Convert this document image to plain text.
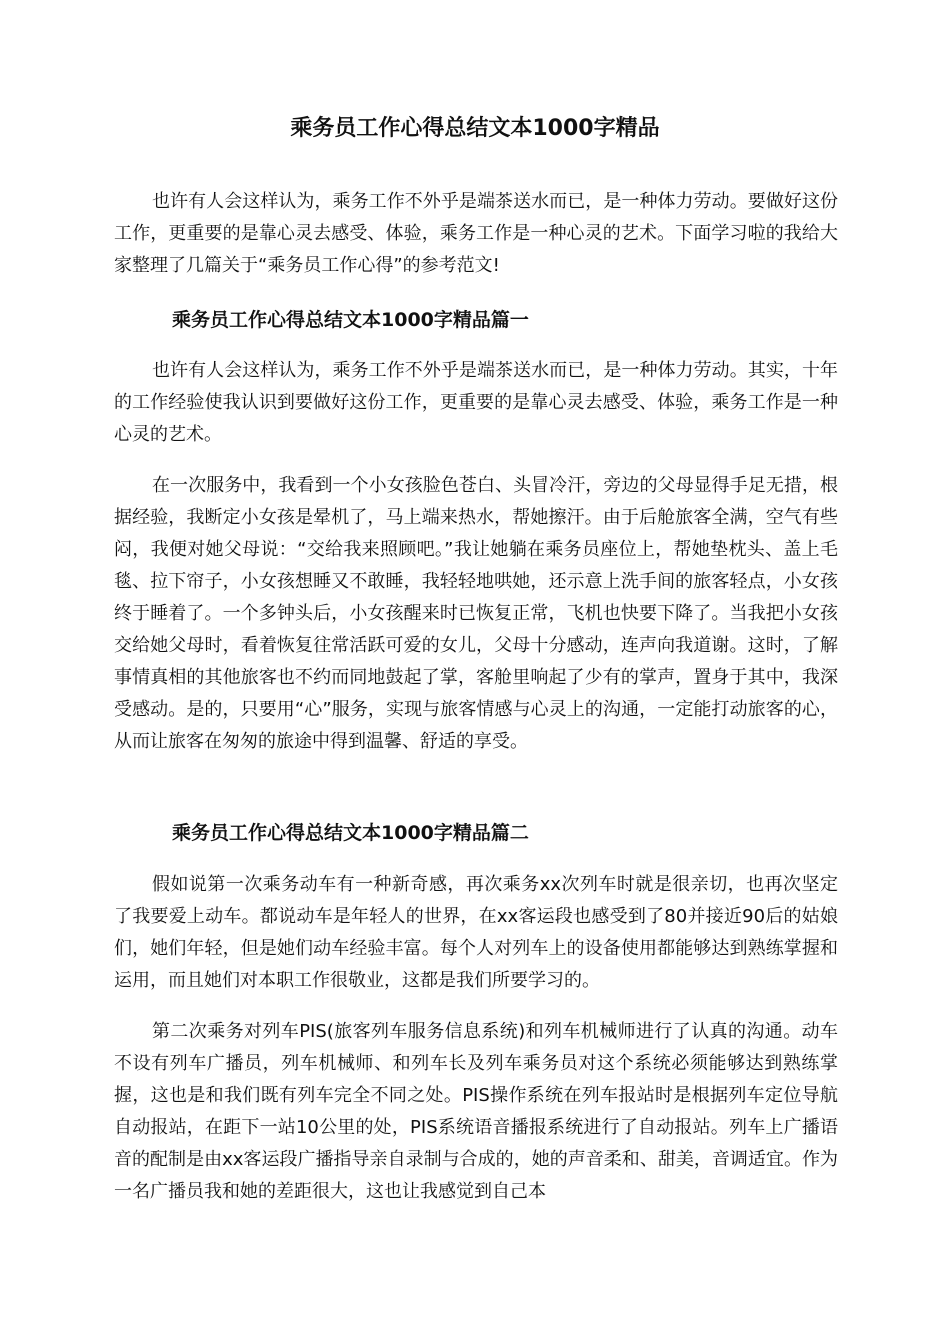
乘务员工作心得总结文本1000字精品

也许有人会这样认为，乘务工作不外乎是端茶送水而已，是一种体力劳动。要做好这份工作，更重要的是靠心灵去感受、体验，乘务工作是一种心灵的艺术。下面学习啦的我给大家整理了几篇关于“乘务员工作心得”的参考范文!

乘务员工作心得总结文本1000字精品篇一

也许有人会这样认为，乘务工作不外乎是端茶送水而已，是一种体力劳动。其实，十年的工作经验使我认识到要做好这份工作，更重要的是靠心灵去感受、体验，乘务工作是一种心灵的艺术。

在一次服务中，我看到一个小女孩脸色苍白、头冒冷汗，旁边的父母显得手足无措，根据经验，我断定小女孩是晕机了，马上端来热水，帮她擦汗。由于后舱旅客全满，空气有些闷，我便对她父母说：“交给我来照顾吧。”我让她躺在乘务员座位上，帮她垫枕头、盖上毛毯、拉下帘子，小女孩想睡又不敢睡，我轻轻地哄她，还示意上洗手间的旅客轻点，小女孩终于睡着了。一个多钟头后，小女孩醒来时已恢复正常，飞机也快要下降了。当我把小女孩交给她父母时，看着恢复往常活跃可爱的女儿，父母十分感动，连声向我道谢。这时，了解事情真相的其他旅客也不约而同地鼓起了掌，客舱里响起了少有的掌声，置身于其中，我深受感动。是的，只要用“心”服务，实现与旅客情感与心灵上的沟通，一定能打动旅客的心，从而让旅客在匆匆的旅途中得到温馨、舒适的享受。

乘务员工作心得总结文本1000字精品篇二

假如说第一次乘务动车有一种新奇感，再次乘务xx次列车时就是很亲切，也再次坚定了我要爱上动车。都说动车是年轻人的世界，在xx客运段也感受到了80并接近90后的姑娘们，她们年轻，但是她们动车经验丰富。每个人对列车上的设备使用都能够达到熟练掌握和运用，而且她们对本职工作很敬业，这都是我们所要学习的。

第二次乘务对列车PIS(旅客列车服务信息系统)和列车机械师进行了认真的沟通。动车不设有列车广播员，列车机械师、和列车长及列车乘务员对这个系统必须能够达到熟练掌握，这也是和我们既有列车完全不同之处。PIS操作系统在列车报站时是根据列车定位导航自动报站，在距下一站10公里的处，PIS系统语音播报系统进行了自动报站。列车上广播语音的配制是由xx客运段广播指导亲自录制与合成的，她的声音柔和、甜美，音调适宜。作为一名广播员我和她的差距很大，这也让我感觉到自己本
